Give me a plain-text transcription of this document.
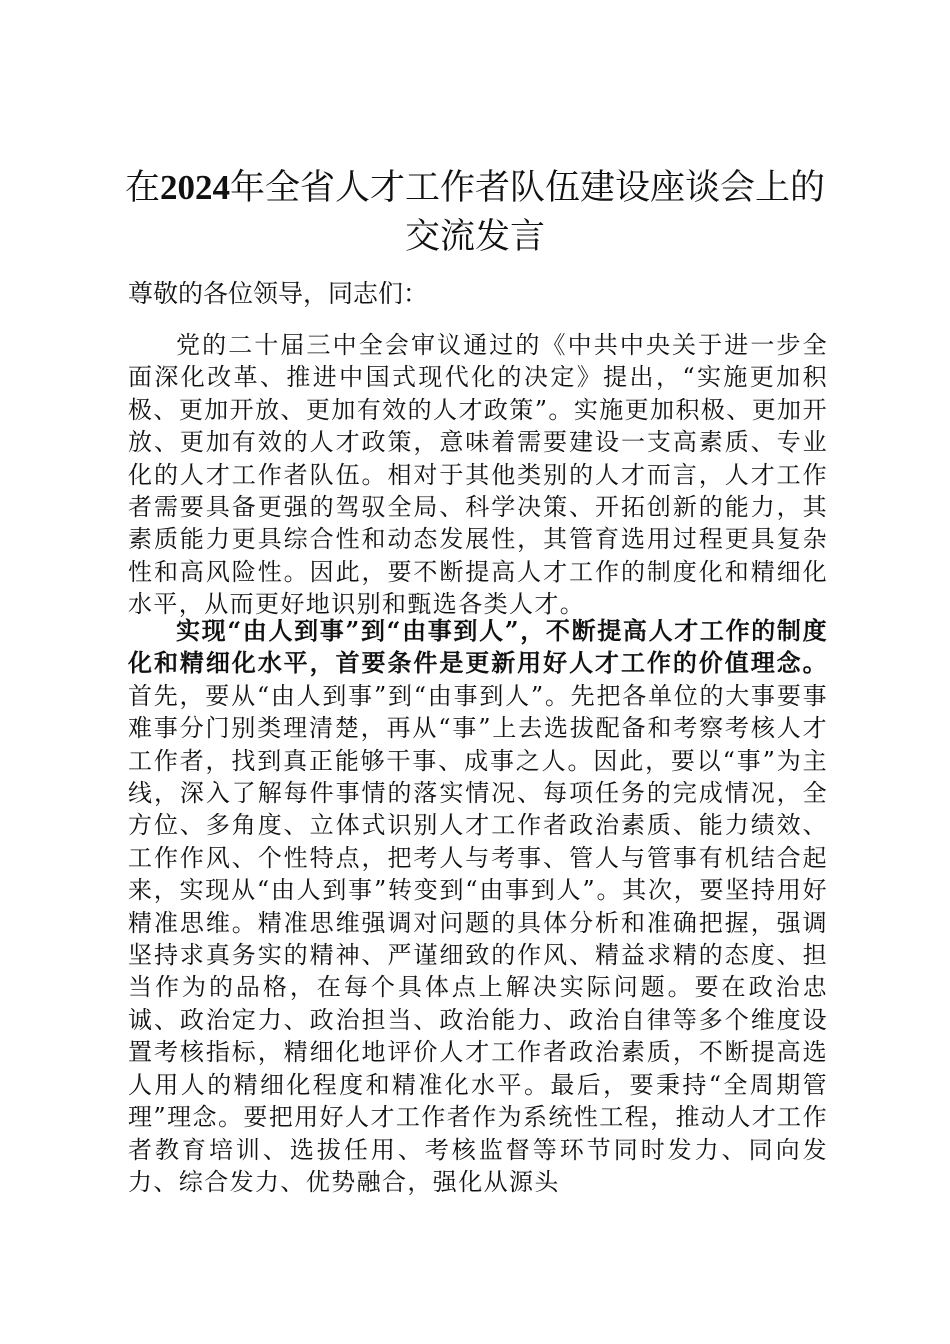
在2024年全省人才工作者队伍建设座谈会上的交流发言

尊敬的各位领导，同志们：

党的二十届三中全会审议通过的《中共中央关于进一步全面深化改革、推进中国式现代化的决定》提出，“实施更加积极、更加开放、更加有效的人才政策”。实施更加积极、更加开放、更加有效的人才政策，意味着需要建设一支高素质、专业化的人才工作者队伍。相对于其他类别的人才而言，人才工作者需要具备更强的驾驭全局、科学决策、开拓创新的能力，其素质能力更具综合性和动态发展性，其管育选用过程更具复杂性和高风险性。因此，要不断提高人才工作的制度化和精细化水平，从而更好地识别和甄选各类人才。

实现“由人到事”到“由事到人”，不断提高人才工作的制度化和精细化水平，首要条件是更新用好人才工作的价值理念。首先，要从“由人到事”到“由事到人”。先把各单位的大事要事难事分门别类理清楚，再从“事”上去选拔配备和考察考核人才工作者，找到真正能够干事、成事之人。因此，要以“事”为主线，深入了解每件事情的落实情况、每项任务的完成情况，全方位、多角度、立体式识别人才工作者政治素质、能力绩效、工作作风、个性特点，把考人与考事、管人与管事有机结合起来，实现从“由人到事”转变到“由事到人”。其次，要坚持用好精准思维。精准思维强调对问题的具体分析和准确把握，强调坚持求真务实的精神、严谨细致的作风、精益求精的态度、担当作为的品格，在每个具体点上解决实际问题。要在政治忠诚、政治定力、政治担当、政治能力、政治自律等多个维度设置考核指标，精细化地评价人才工作者政治素质，不断提高选人用人的精细化程度和精准化水平。最后，要秉持“全周期管理”理念。要把用好人才工作者作为系统性工程，推动人才工作者教育培训、选拔任用、考核监督等环节同时发力、同向发力、综合发力、优势融合，强化从源头
